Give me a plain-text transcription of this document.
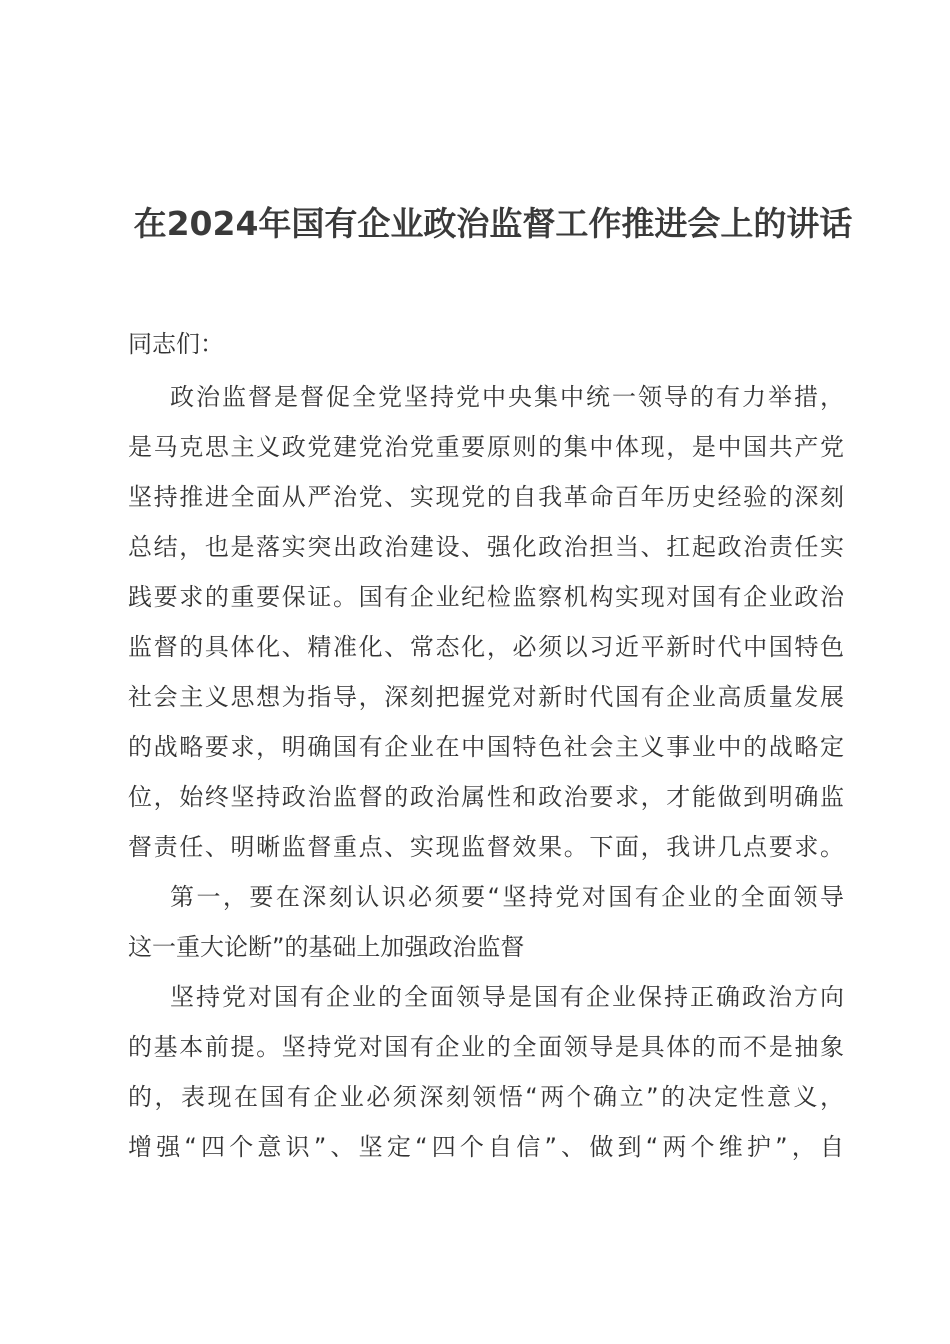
在2024年国有企业政治监督工作推进会上的讲话

同志们：

政治监督是督促全党坚持党中央集中统一领导的有力举措，
是马克思主义政党建党治党重要原则的集中体现，是中国共产党
坚持推进全面从严治党、实现党的自我革命百年历史经验的深刻
总结，也是落实突出政治建设、强化政治担当、扛起政治责任实
践要求的重要保证。国有企业纪检监察机构实现对国有企业政治
监督的具体化、精准化、常态化，必须以习近平新时代中国特色
社会主义思想为指导，深刻把握党对新时代国有企业高质量发展
的战略要求，明确国有企业在中国特色社会主义事业中的战略定
位，始终坚持政治监督的政治属性和政治要求，才能做到明确监
督责任、明晰监督重点、实现监督效果。下面，我讲几点要求。
第一，要在深刻认识必须要“坚持党对国有企业的全面领导
这一重大论断”的基础上加强政治监督
坚持党对国有企业的全面领导是国有企业保持正确政治方向
的基本前提。坚持党对国有企业的全面领导是具体的而不是抽象
的，表现在国有企业必须深刻领悟“两个确立”的决定性意义，
增强“四个意识”、坚定“四个自信”、做到“两个维护”，自
